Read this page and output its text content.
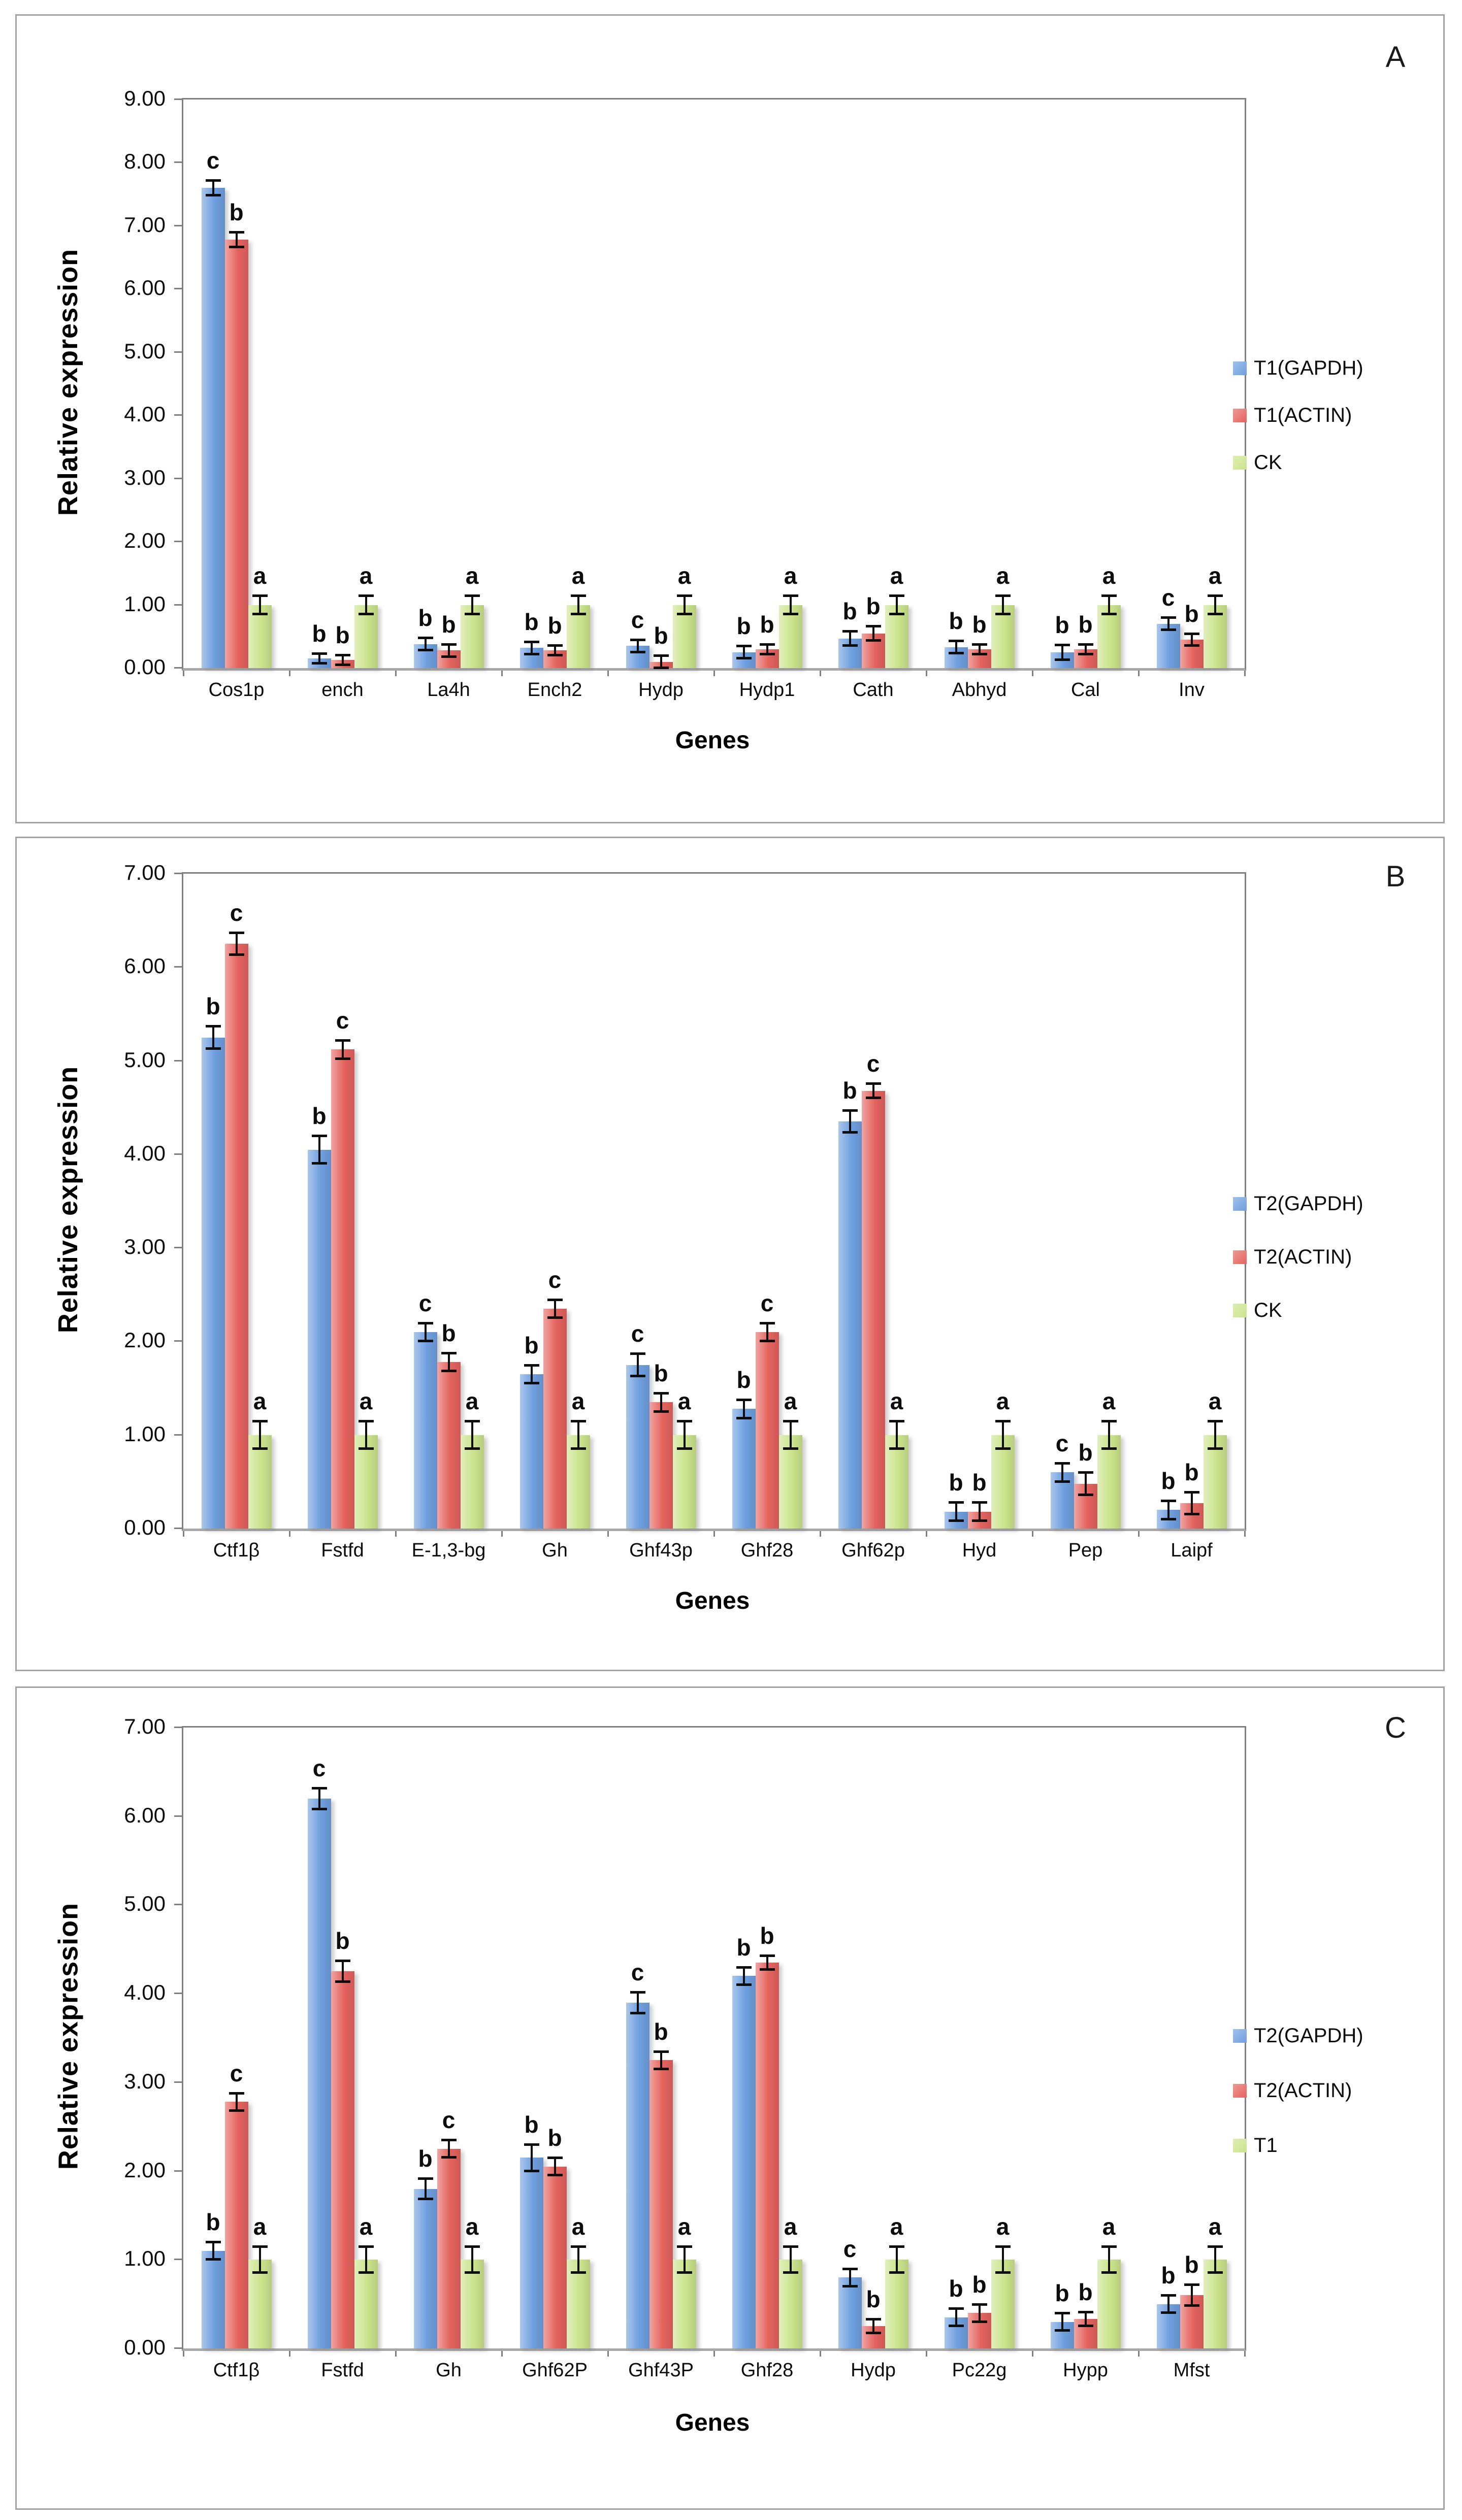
A
Relative expression
0.00
1.00
2.00
3.00
4.00
5.00
6.00
7.00
8.00
9.00
Cos1p
c
b
a
ench
b b
a
La4h
b b
a
Ench2
b b
a
Hydp
c
b
a
Hydp1
b b
a
Cath
b b
a
Abhyd
b b
a
Cal
b b
a
Inv
c
b
a
Genes
T1(GAPDH)
T1(ACTIN)
CK
B
Relative expression
0.00
1.00
2.00
3.00
4.00
5.00
6.00
7.00
Ctf1β
b
c
a
Fstfd
b
c
a
E-1,3-bg
c
b
a
Gh
b
c
a
Ghf43p
c
b
a
Ghf28
b
c
a
Ghf62p
b
c
a
Hyd
b b
a
Pep
c b
a
Laipf
b b
a
Genes
T2(GAPDH)
T2(ACTIN)
CK
C
Relative expression
0.00
1.00
2.00
3.00
4.00
5.00
6.00
7.00
Ctf1β
b
c
a
Fstfd
c
b
a
Gh
b
c
a
Ghf62P
b
b
a
Ghf43P
c
b
a
Ghf28
b b
a
Hydp
c
b
a
Pc22g
b b
a
Hypp
b b
a
Mfst
b b
a
Genes
T2(GAPDH)
T2(ACTIN)
T1
